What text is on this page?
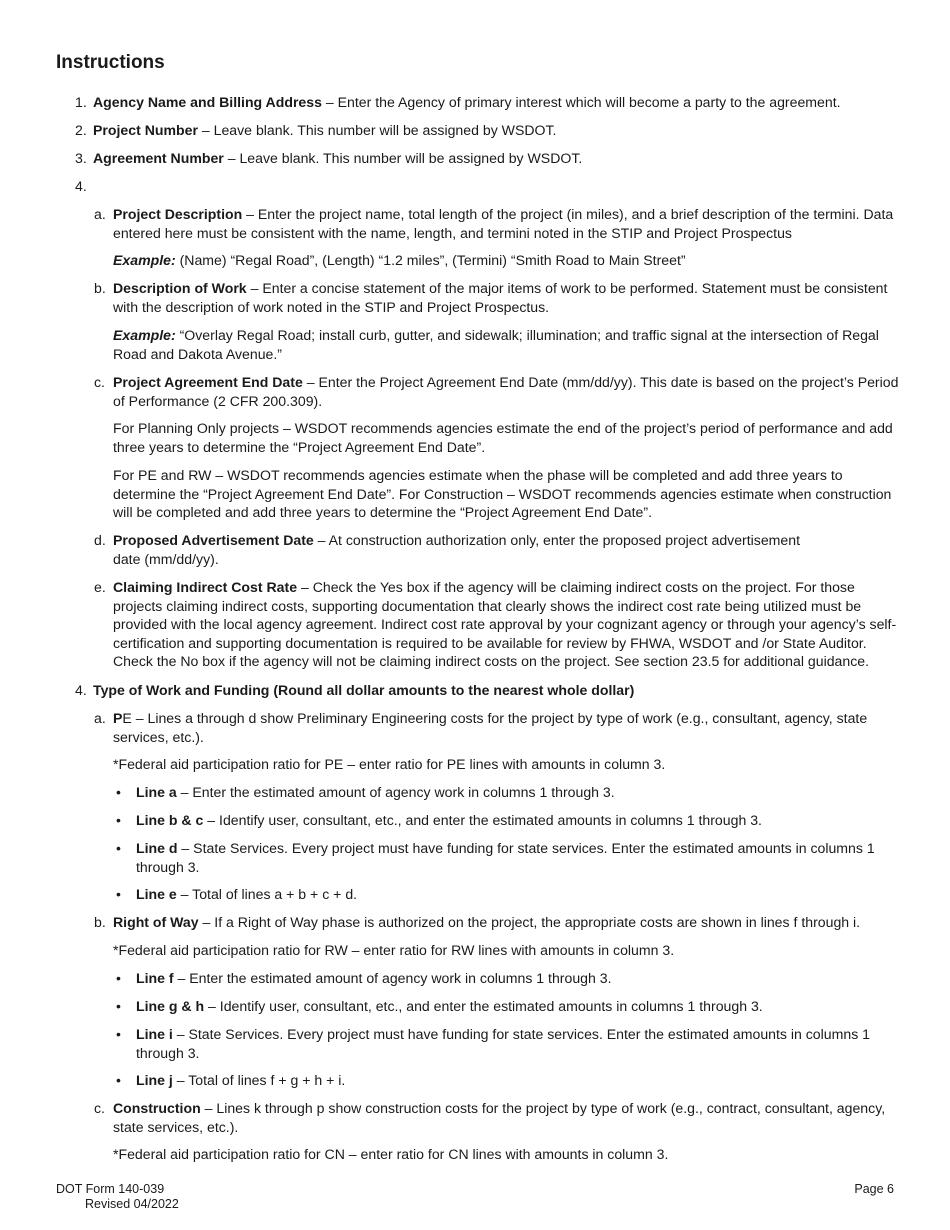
Instructions
1. Agency Name and Billing Address – Enter the Agency of primary interest which will become a party to the agreement.

2. Project Number – Leave blank. This number will be assigned by WSDOT.

3. Agreement Number – Leave blank. This number will be assigned by WSDOT.

4.
a. Project Description – Enter the project name, total length of the project (in miles), and a brief description of the termini. Data entered here must be consistent with the name, length, and termini noted in the STIP and Project Prospectus

Example: (Name) “Regal Road”, (Length) “1.2 miles”, (Termini) “Smith Road to Main Street”

b. Description of Work – Enter a concise statement of the major items of work to be performed. Statement must be consistent with the description of work noted in the STIP and Project Prospectus.

Example: “Overlay Regal Road; install curb, gutter, and sidewalk; illumination; and traffic signal at the intersection of Regal Road and Dakota Avenue.”

c. Project Agreement End Date – Enter the Project Agreement End Date (mm/dd/yy). This date is based on the project’s Period of Performance (2 CFR 200.309).

For Planning Only projects – WSDOT recommends agencies estimate the end of the project’s period of performance and add three years to determine the “Project Agreement End Date”.

For PE and RW – WSDOT recommends agencies estimate when the phase will be completed and add three years to determine the “Project Agreement End Date”. For Construction – WSDOT recommends agencies estimate when construction will be completed and add three years to determine the “Project Agreement End Date”.

d. Proposed Advertisement Date – At construction authorization only, enter the proposed project advertisement
date (mm/dd/yy).

e. Claiming Indirect Cost Rate – Check the Yes box if the agency will be claiming indirect costs on the project. For those projects claiming indirect costs, supporting documentation that clearly shows the indirect cost rate being utilized must be provided with the local agency agreement. Indirect cost rate approval by your cognizant agency or through your agency’s self-certification and supporting documentation is required to be available for review by FHWA, WSDOT and /or State Auditor. Check the No box if the agency will not be claiming indirect costs on the project. See section 23.5 for additional guidance.

4. Type of Work and Funding (Round all dollar amounts to the nearest whole dollar)

a. PE – Lines a through d show Preliminary Engineering costs for the project by type of work (e.g., consultant, agency, state services, etc.).

*Federal aid participation ratio for PE – enter ratio for PE lines with amounts in column 3.

•	Line a – Enter the estimated amount of agency work in columns 1 through 3.

•	Line b & c – Identify user, consultant, etc., and enter the estimated amounts in columns 1 through 3.

•	Line d – State Services. Every project must have funding for state services. Enter the estimated amounts in columns 1 through 3.

•	Line e – Total of lines a + b + c + d.

b. Right of Way – If a Right of Way phase is authorized on the project, the appropriate costs are shown in lines f through i.

*Federal aid participation ratio for RW – enter ratio for RW lines with amounts in column 3.

•	Line f – Enter the estimated amount of agency work in columns 1 through 3.

•	Line g & h – Identify user, consultant, etc., and enter the estimated amounts in columns 1 through 3.

•	Line i – State Services. Every project must have funding for state services. Enter the estimated amounts in columns 1 through 3.

•	Line j – Total of lines f + g + h + i.

c. Construction – Lines k through p show construction costs for the project by type of work (e.g., contract, consultant, agency, state services, etc.).

*Federal aid participation ratio for CN – enter ratio for CN lines with amounts in column 3.

DOT Form 140-039
Revised 04/2022
Page 6
